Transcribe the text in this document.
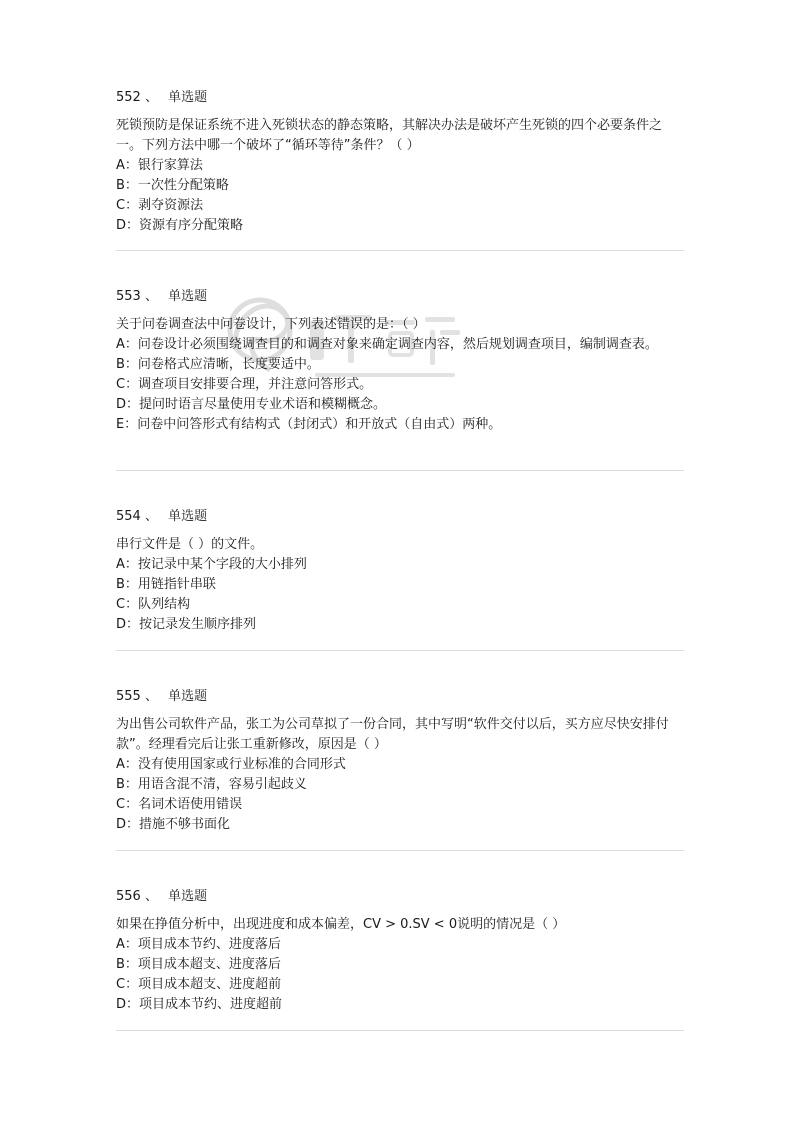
552 、 单选题

死锁预防是保证系统不进入死锁状态的静态策略，其解决办法是破坏产生死锁的四个必要条件之一。下列方法中哪一个破坏了“循环等待”条件？（ ）

A： 银行家算法

B： 一次性分配策略

C： 剥夺资源法

D： 资源有序分配策略

553 、 单选题

关于问卷调查法中问卷设计，下列表述错误的是：（ ）

A： 问卷设计必须围绕调查目的和调查对象来确定调查内容，然后规划调查项目，编制调查表。

B： 问卷格式应清晰，长度要适中。

C： 调查项目安排要合理，并注意问答形式。

D： 提问时语言尽量使用专业术语和模糊概念。

E： 问卷中问答形式有结构式（封闭式）和开放式（自由式）两种。

554 、 单选题

串行文件是（ ）的文件。

A： 按记录中某个字段的大小排列

B： 用链指针串联

C： 队列结构

D： 按记录发生顺序排列

555 、 单选题

为出售公司软件产品，张工为公司草拟了一份合同，其中写明“软件交付以后，买方应尽快安排付款”。经理看完后让张工重新修改，原因是（ ）

A： 没有使用国家或行业标准的合同形式

B： 用语含混不清，容易引起歧义

C： 名词术语使用错误

D： 措施不够书面化

556 、 单选题

如果在挣值分析中，出现进度和成本偏差，CV > 0.SV < 0说明的情况是（ ）

A： 项目成本节约、进度落后

B： 项目成本超支、进度落后

C： 项目成本超支、进度超前

D： 项目成本节约、进度超前
